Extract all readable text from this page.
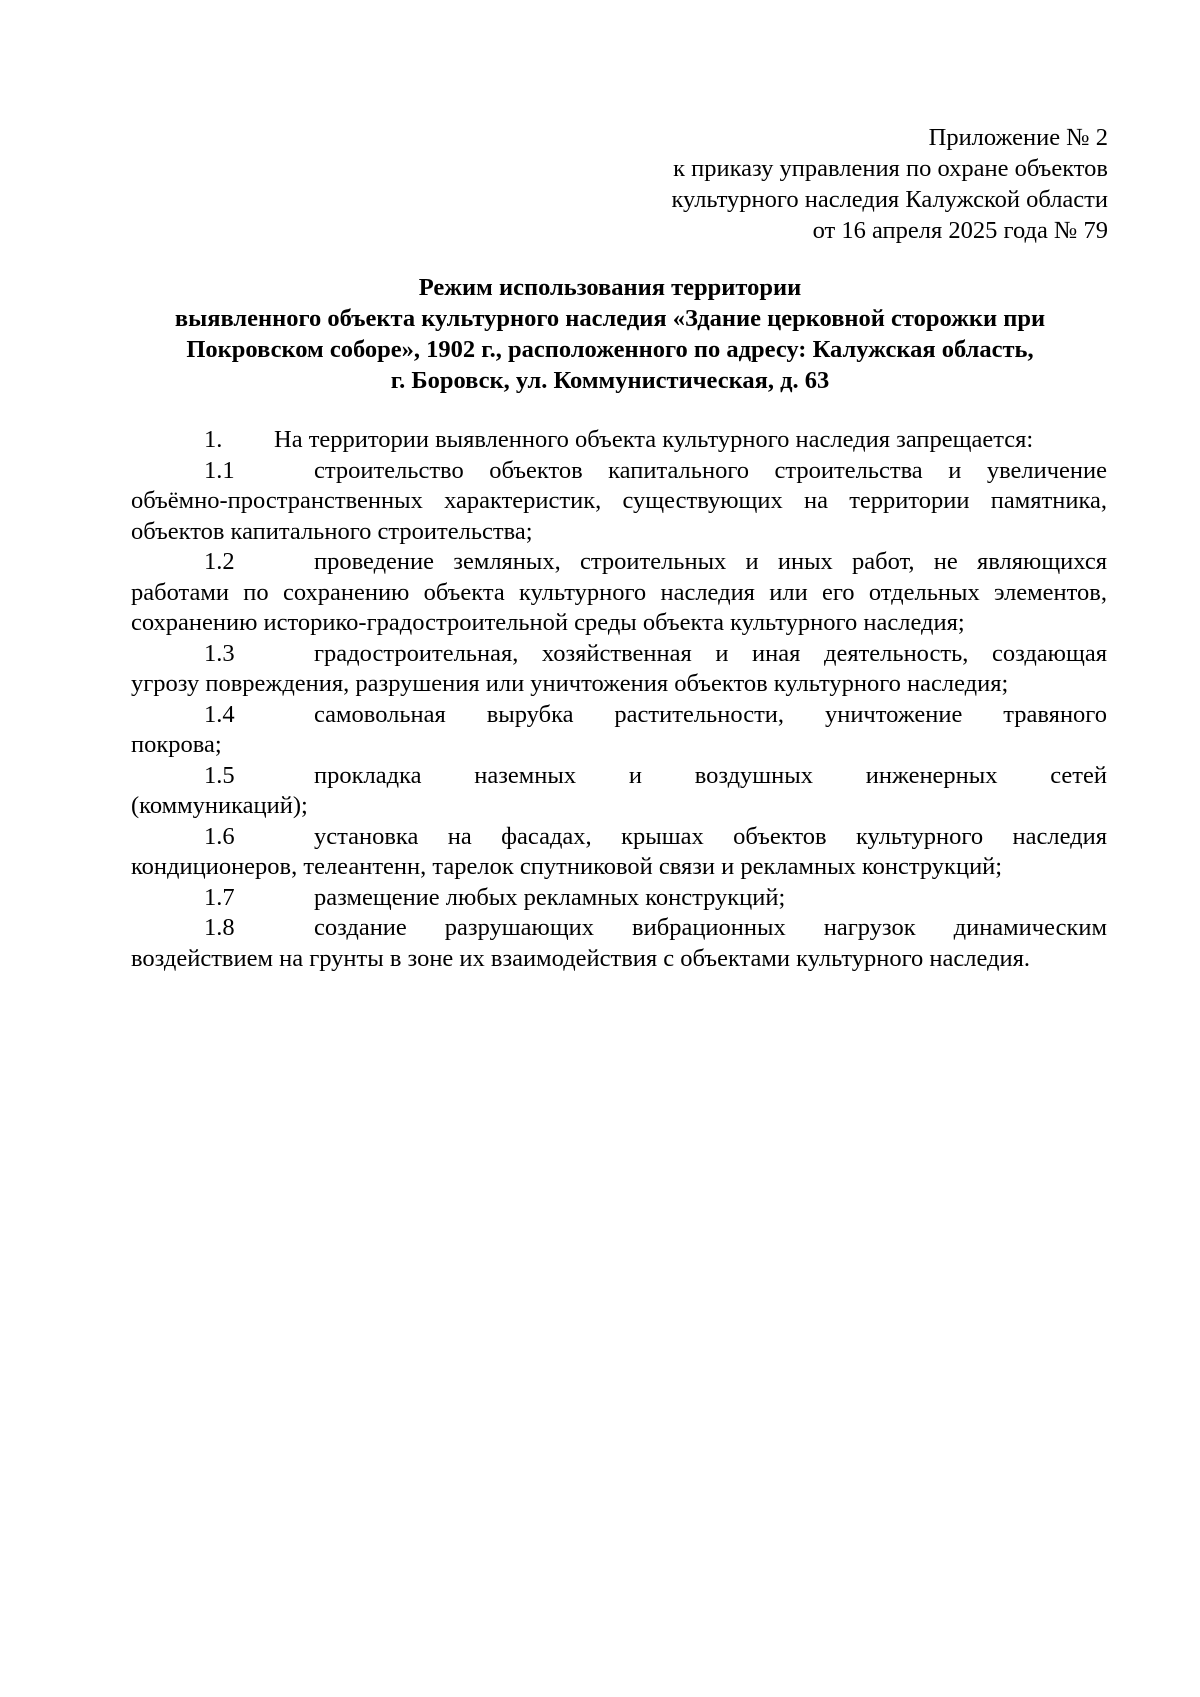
Приложение № 2
к приказу управления по охране объектов
культурного наследия Калужской области
от 16 апреля 2025 года № 79
Режим использования территории
выявленного объекта культурного наследия «Здание церковной сторожки при
Покровском соборе», 1902 г., расположенного по адресу: Калужская область,
г. Боровск, ул. Коммунистическая, д. 63
1. На территории выявленного объекта культурного наследия запрещается:
1.1	строительство объектов капитального строительства и увеличение
объёмно-пространственных характеристик, существующих на территории памятника, объектов капитального строительства;
1.2	проведение земляных, строительных и иных работ, не являющихся
работами по сохранению объекта культурного наследия или его отдельных элементов, сохранению историко-градостроительной среды объекта культурного наследия;
1.3	градостроительная, хозяйственная и иная деятельность, создающая
угрозу повреждения, разрушения или уничтожения объектов культурного наследия;
1.4	самовольная вырубка растительности, уничтожение травяного
покрова;
1.5	прокладка наземных и воздушных инженерных сетей
(коммуникаций);
1.6	установка на фасадах, крышах объектов культурного наследия
кондиционеров, телеантенн, тарелок спутниковой связи и рекламных конструкций;
1.7	размещение любых рекламных конструкций;
1.8	создание разрушающих вибрационных нагрузок динамическим
воздействием на грунты в зоне их взаимодействия с объектами культурного наследия.
